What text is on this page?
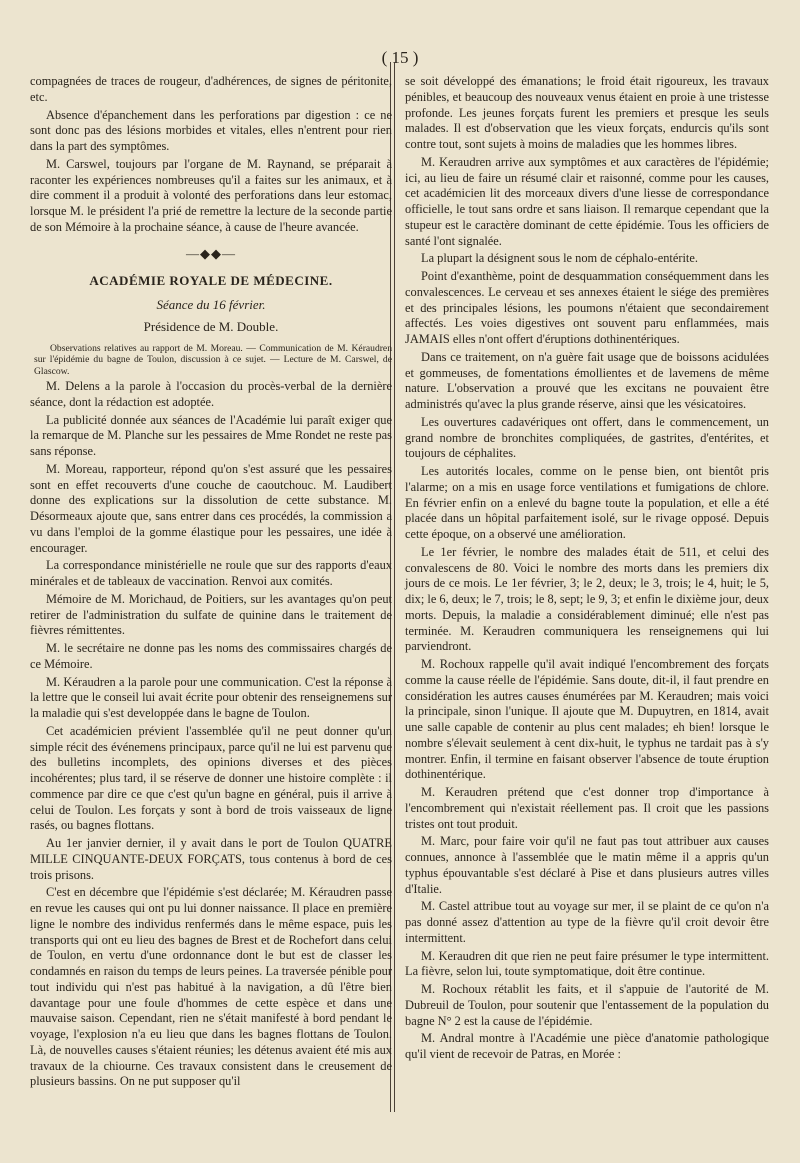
( 15 )

compagnées de traces de rougeur, d'adhérences, de signes de péritonite, etc.

Absence d'épanchement dans les perforations par digestion : ce ne sont donc pas des lésions morbides et vitales, elles n'entrent pour rien dans la part des symptômes.

M. Carswel, toujours par l'organe de M. Raynand, se préparait à raconter les expériences nombreuses qu'il a faites sur les animaux, et à dire comment il a produit à volonté des perforations dans leur estomac, lorsque M. le président l'a prié de remettre la lecture de la seconde partie de son Mémoire à la prochaine séance, à cause de l'heure avancée.

—◆◆—
ACADÉMIE ROYALE DE MÉDECINE.
Séance du 16 février.
Présidence de M. Double.

Observations relatives au rapport de M. Moreau. — Communication de M. Kéraudren sur l'épidémie du bagne de Toulon, discussion à ce sujet. — Lecture de M. Carswel, de Glascow.

M. Delens a la parole à l'occasion du procès-verbal de la dernière séance, dont la rédaction est adoptée.

La publicité donnée aux séances de l'Académie lui paraît exiger que la remarque de M. Planche sur les pessaires de Mme Rondet ne reste pas sans réponse.

M. Moreau, rapporteur, répond qu'on s'est assuré que les pessaires sont en effet recouverts d'une couche de caoutchouc. M. Laudibert donne des explications sur la dissolution de cette substance. M. Désormeaux ajoute que, sans entrer dans ces procédés, la commission a vu dans l'emploi de la gomme élastique pour les pessaires, une idée à encourager.

La correspondance ministérielle ne roule que sur des rapports d'eaux minérales et de tableaux de vaccination. Renvoi aux comités.

Mémoire de M. Morichaud, de Poitiers, sur les avantages qu'on peut retirer de l'administration du sulfate de quinine dans le traitement de fièvres rémittentes.

M. le secrétaire ne donne pas les noms des commissaires chargés de ce Mémoire.

M. Kéraudren a la parole pour une communication. C'est la réponse à la lettre que le conseil lui avait écrite pour obtenir des renseignemens sur la maladie qui s'est developpée dans le bagne de Toulon.

Cet académicien prévient l'assemblée qu'il ne peut donner qu'un simple récit des événemens principaux, parce qu'il ne lui est parvenu que des bulletins incomplets, des opinions diverses et des pièces incohérentes; plus tard, il se réserve de donner une histoire complète : il commence par dire ce que c'est qu'un bagne en général, puis il arrive à celui de Toulon. Les forçats y sont à bord de trois vaisseaux de ligne rasés, ou bagnes flottans.

Au 1er janvier dernier, il y avait dans le port de Toulon QUATRE MILLE CINQUANTE-DEUX FORÇATS, tous contenus à bord de ces trois prisons.

C'est en décembre que l'épidémie s'est déclarée; M. Kéraudren passe en revue les causes qui ont pu lui donner naissance. Il place en première ligne le nombre des individus renfermés dans le même espace, puis les transports qui ont eu lieu des bagnes de Brest et de Rochefort dans celui de Toulon, en vertu d'une ordonnance dont le but est de classer les condamnés en raison du temps de leurs peines. La traversée pénible pour tout individu qui n'est pas habitué à la navigation, a dû l'être bien davantage pour une foule d'hommes de cette espèce et dans une mauvaise saison. Cependant, rien ne s'était manifesté à bord pendant le voyage, l'explosion n'a eu lieu que dans les bagnes flottans de Toulon. Là, de nouvelles causes s'étaient réunies; les détenus avaient été mis aux travaux de la chiourne. Ces travaux consistent dans le creusement de plusieurs bassins. On ne put supposer qu'il

se soit développé des émanations; le froid était rigoureux, les travaux pénibles, et beaucoup des nouveaux venus étaient en proie à une tristesse profonde. Les jeunes forçats furent les premiers et presque les seuls malades. Il est d'observation que les vieux forçats, endurcis qu'ils sont contre tout, sont sujets à moins de maladies que les hommes libres.

M. Keraudren arrive aux symptômes et aux caractères de l'épidémie; ici, au lieu de faire un résumé clair et raisonné, comme pour les causes, cet académicien lit des morceaux divers d'une liesse de correspondance officielle, le tout sans ordre et sans liaison. Il remarque cependant que la stupeur est le caractère dominant de cette épidémie. Tous les officiers de santé l'ont signalée.

La plupart la désignent sous le nom de céphalo-entérite.

Point d'exanthème, point de desquammation conséquemment dans les convalescences. Le cerveau et ses annexes étaient le siége des premières et des principales lésions, les poumons n'étaient que secondairement affectés. Les voies digestives ont souvent paru enflammées, mais JAMAIS elles n'ont offert d'éruptions dothinentériques.

Dans ce traitement, on n'a guère fait usage que de boissons acidulées et gommeuses, de fomentations émollientes et de lavemens de même nature. L'observation a prouvé que les excitans ne pouvaient être administrés qu'avec la plus grande réserve, ainsi que les vésicatoires.

Les ouvertures cadavériques ont offert, dans le commencement, un grand nombre de bronchites compliquées, de gastrites, d'entérites, et toujours de céphalites.

Les autorités locales, comme on le pense bien, ont bientôt pris l'alarme; on a mis en usage force ventilations et fumigations de chlore. En février enfin on a enlevé du bagne toute la population, et elle a été placée dans un hôpital parfaitement isolé, sur le rivage opposé. Depuis cette époque, on a observé une amélioration.

Le 1er février, le nombre des malades était de 511, et celui des convalescens de 80. Voici le nombre des morts dans les premiers dix jours de ce mois. Le 1er février, 3; le 2, deux; le 3, trois; le 4, huit; le 5, dix; le 6, deux; le 7, trois; le 8, sept; le 9, 3; et enfin le dixième jour, deux morts. Depuis, la maladie a considérablement diminué; elle n'est pas terminée. M. Keraudren communiquera les renseignemens qui lui parviendront.

M. Rochoux rappelle qu'il avait indiqué l'encombrement des forçats comme la cause réelle de l'épidémie. Sans doute, dit-il, il faut prendre en considération les autres causes énumérées par M. Keraudren; mais voici la principale, sinon l'unique. Il ajoute que M. Dupuytren, en 1814, avait une salle capable de contenir au plus cent malades; eh bien! lorsque le nombre s'élevait seulement à cent dix-huit, le typhus ne tardait pas à s'y montrer. Enfin, il termine en faisant observer l'absence de toute éruption dothinentérique.

M. Keraudren prétend que c'est donner trop d'importance à l'encombrement qui n'existait réellement pas. Il croit que les passions tristes ont tout produit.

M. Marc, pour faire voir qu'il ne faut pas tout attribuer aux causes connues, annonce à l'assemblée que le matin même il a appris qu'un typhus épouvantable s'est déclaré à Pise et dans plusieurs autres villes d'Italie.

M. Castel attribue tout au voyage sur mer, il se plaint de ce qu'on n'a pas donné assez d'attention au type de la fièvre qu'il croit devoir être intermittent.

M. Keraudren dit que rien ne peut faire présumer le type intermittent. La fièvre, selon lui, toute symptomatique, doit être continue.

M. Rochoux rétablit les faits, et il s'appuie de l'autorité de M. Dubreuil de Toulon, pour soutenir que l'entassement de la population du bagne N° 2 est la cause de l'épidémie.

M. Andral montre à l'Académie une pièce d'anatomie pathologique qu'il vient de recevoir de Patras, en Morée :
